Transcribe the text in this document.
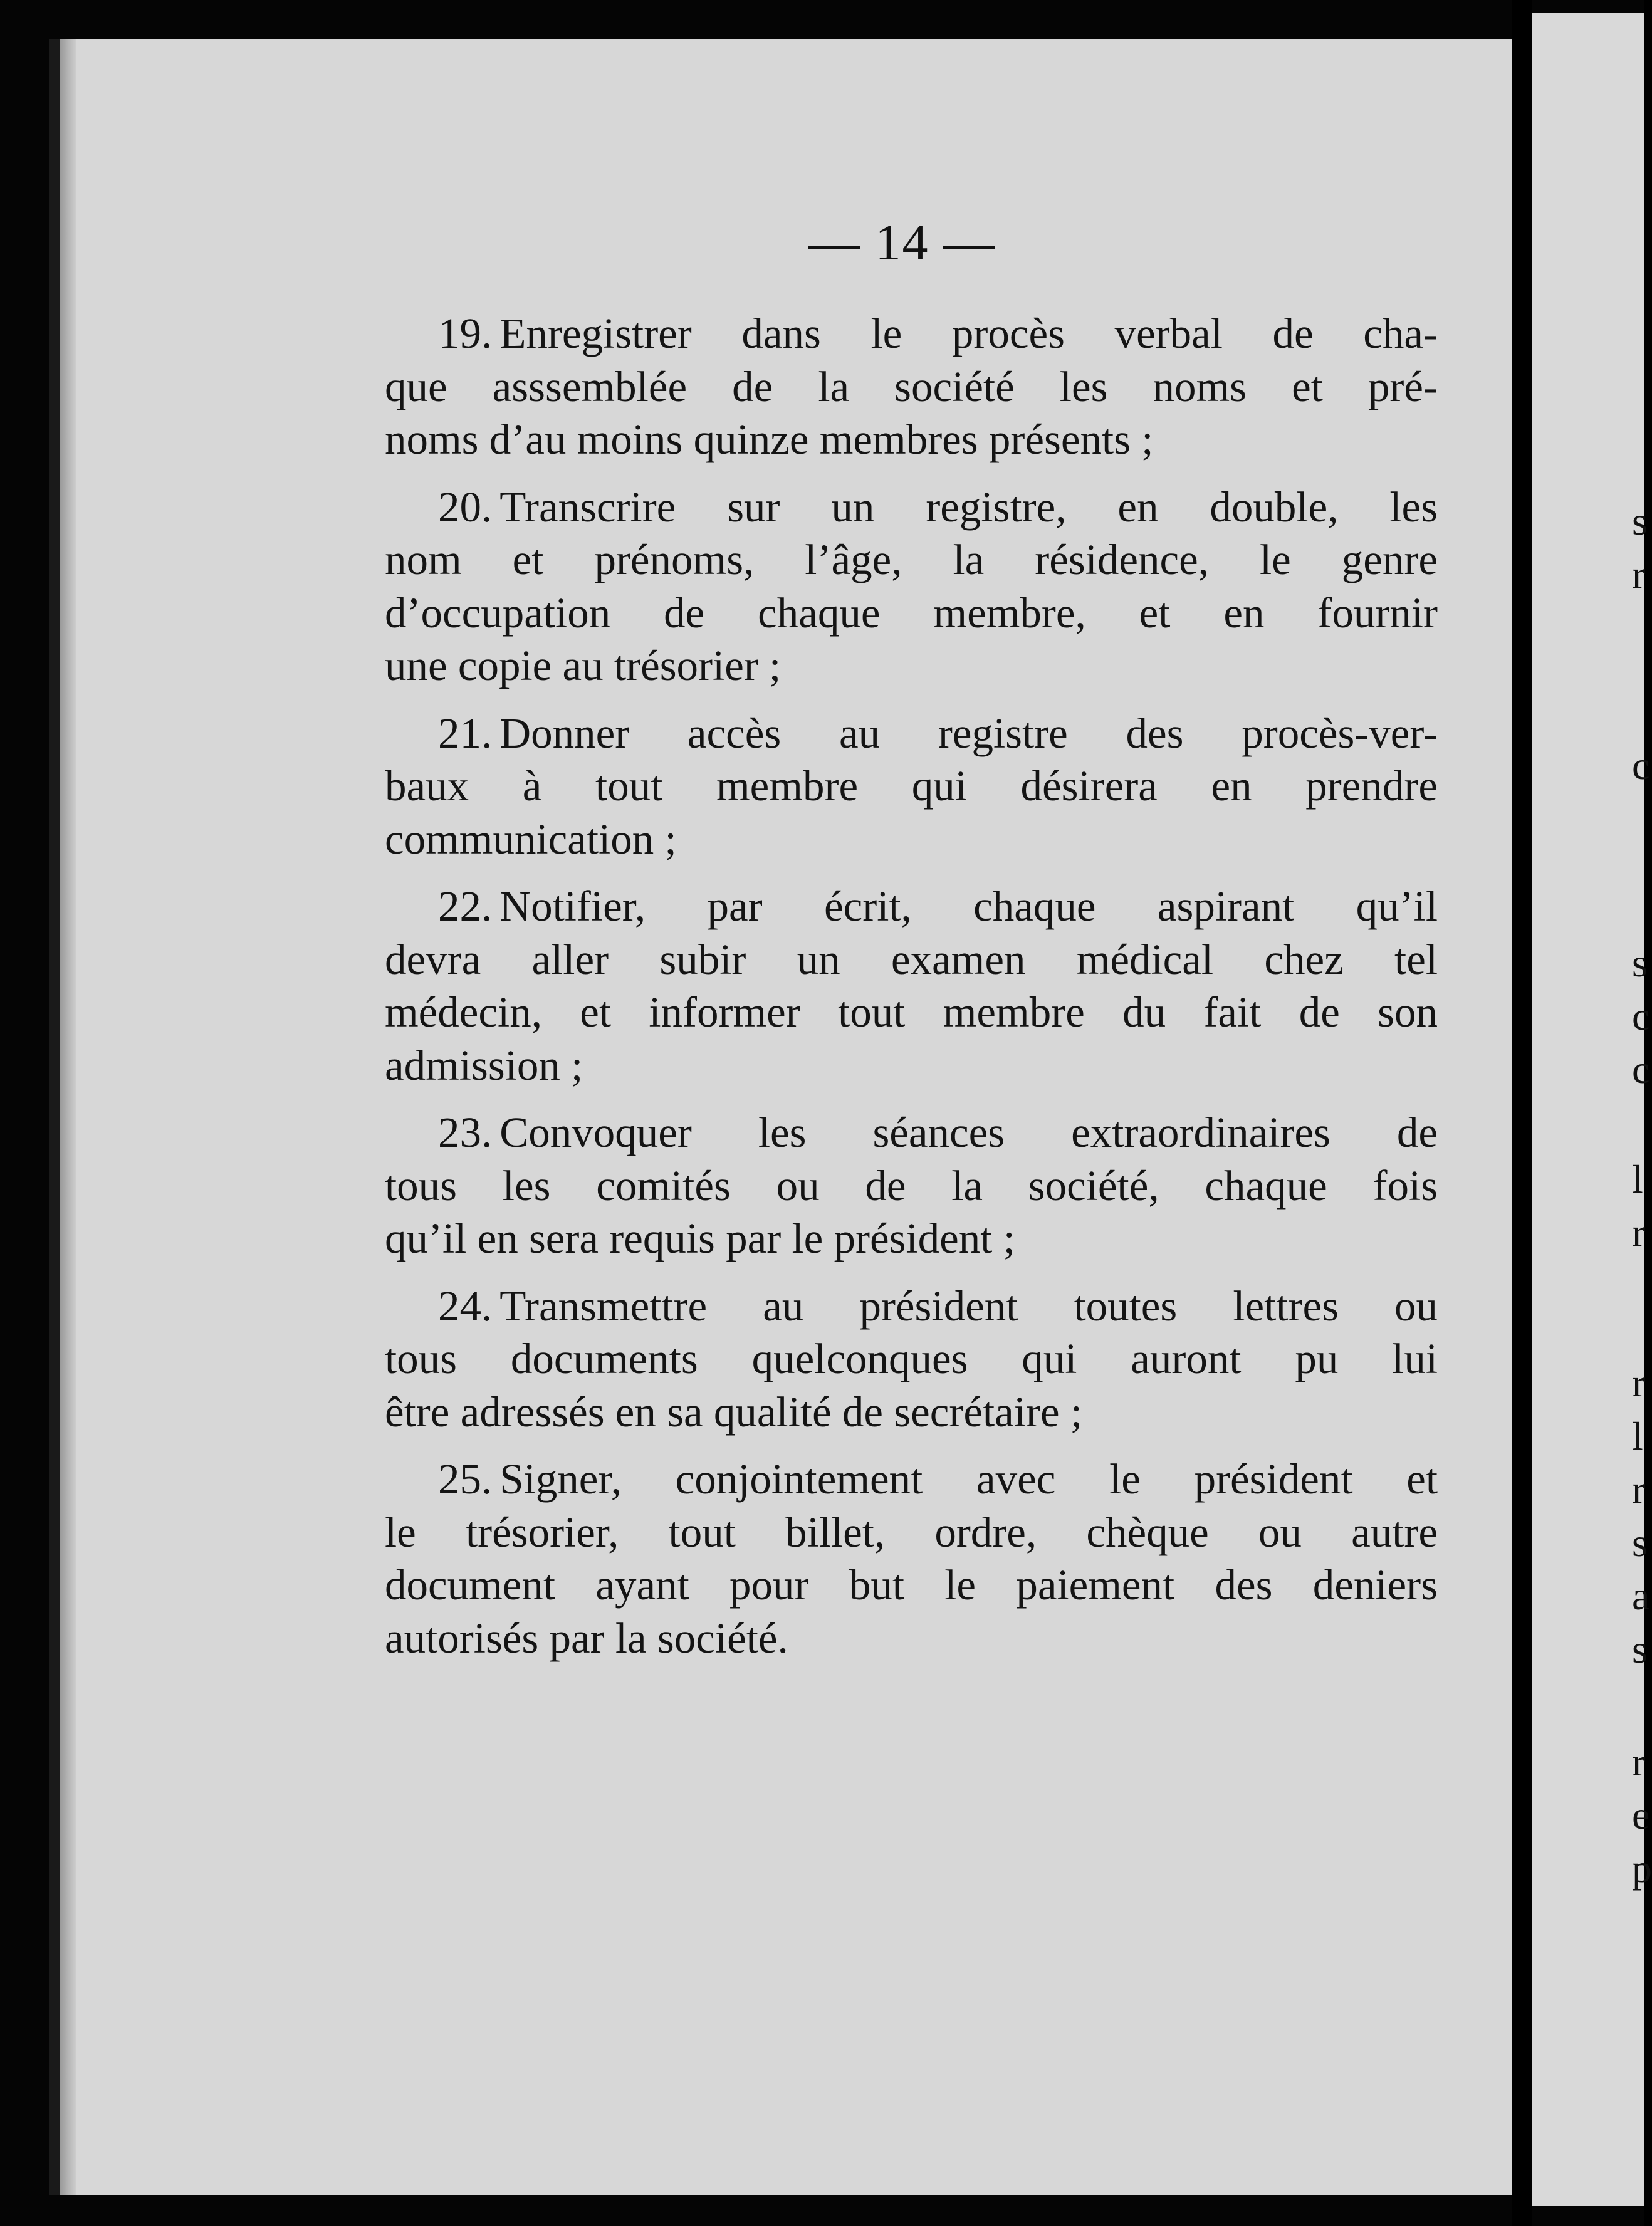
s
r
c
s
c
c
l
r
r
l
r
s
a
s
r
e
p
— 14 —
19. Enregistrer dans le procès verbal de cha-
que asssemblée de la société les noms et pré-
noms d’au moins quinze membres présents ;
20. Transcrire sur un registre, en double, les
nom et prénoms, l’âge, la résidence, le genre
d’occupation de chaque membre, et en fournir
une copie au trésorier ;
21. Donner accès au registre des procès-ver-
baux à tout membre qui désirera en prendre
communication ;
22. Notifier, par écrit, chaque aspirant qu’il
devra aller subir un examen médical chez tel
médecin, et informer tout membre du fait de son
admission ;
23. Convoquer les séances extraordinaires de
tous les comités ou de la société, chaque fois
qu’il en sera requis par le président ;
24. Transmettre au président toutes lettres ou
tous documents quelconques qui auront pu lui
être adressés en sa qualité de secrétaire ;
25. Signer, conjointement avec le président et
le trésorier, tout billet, ordre, chèque ou autre
document ayant pour but le paiement des deniers
autorisés par la société.
